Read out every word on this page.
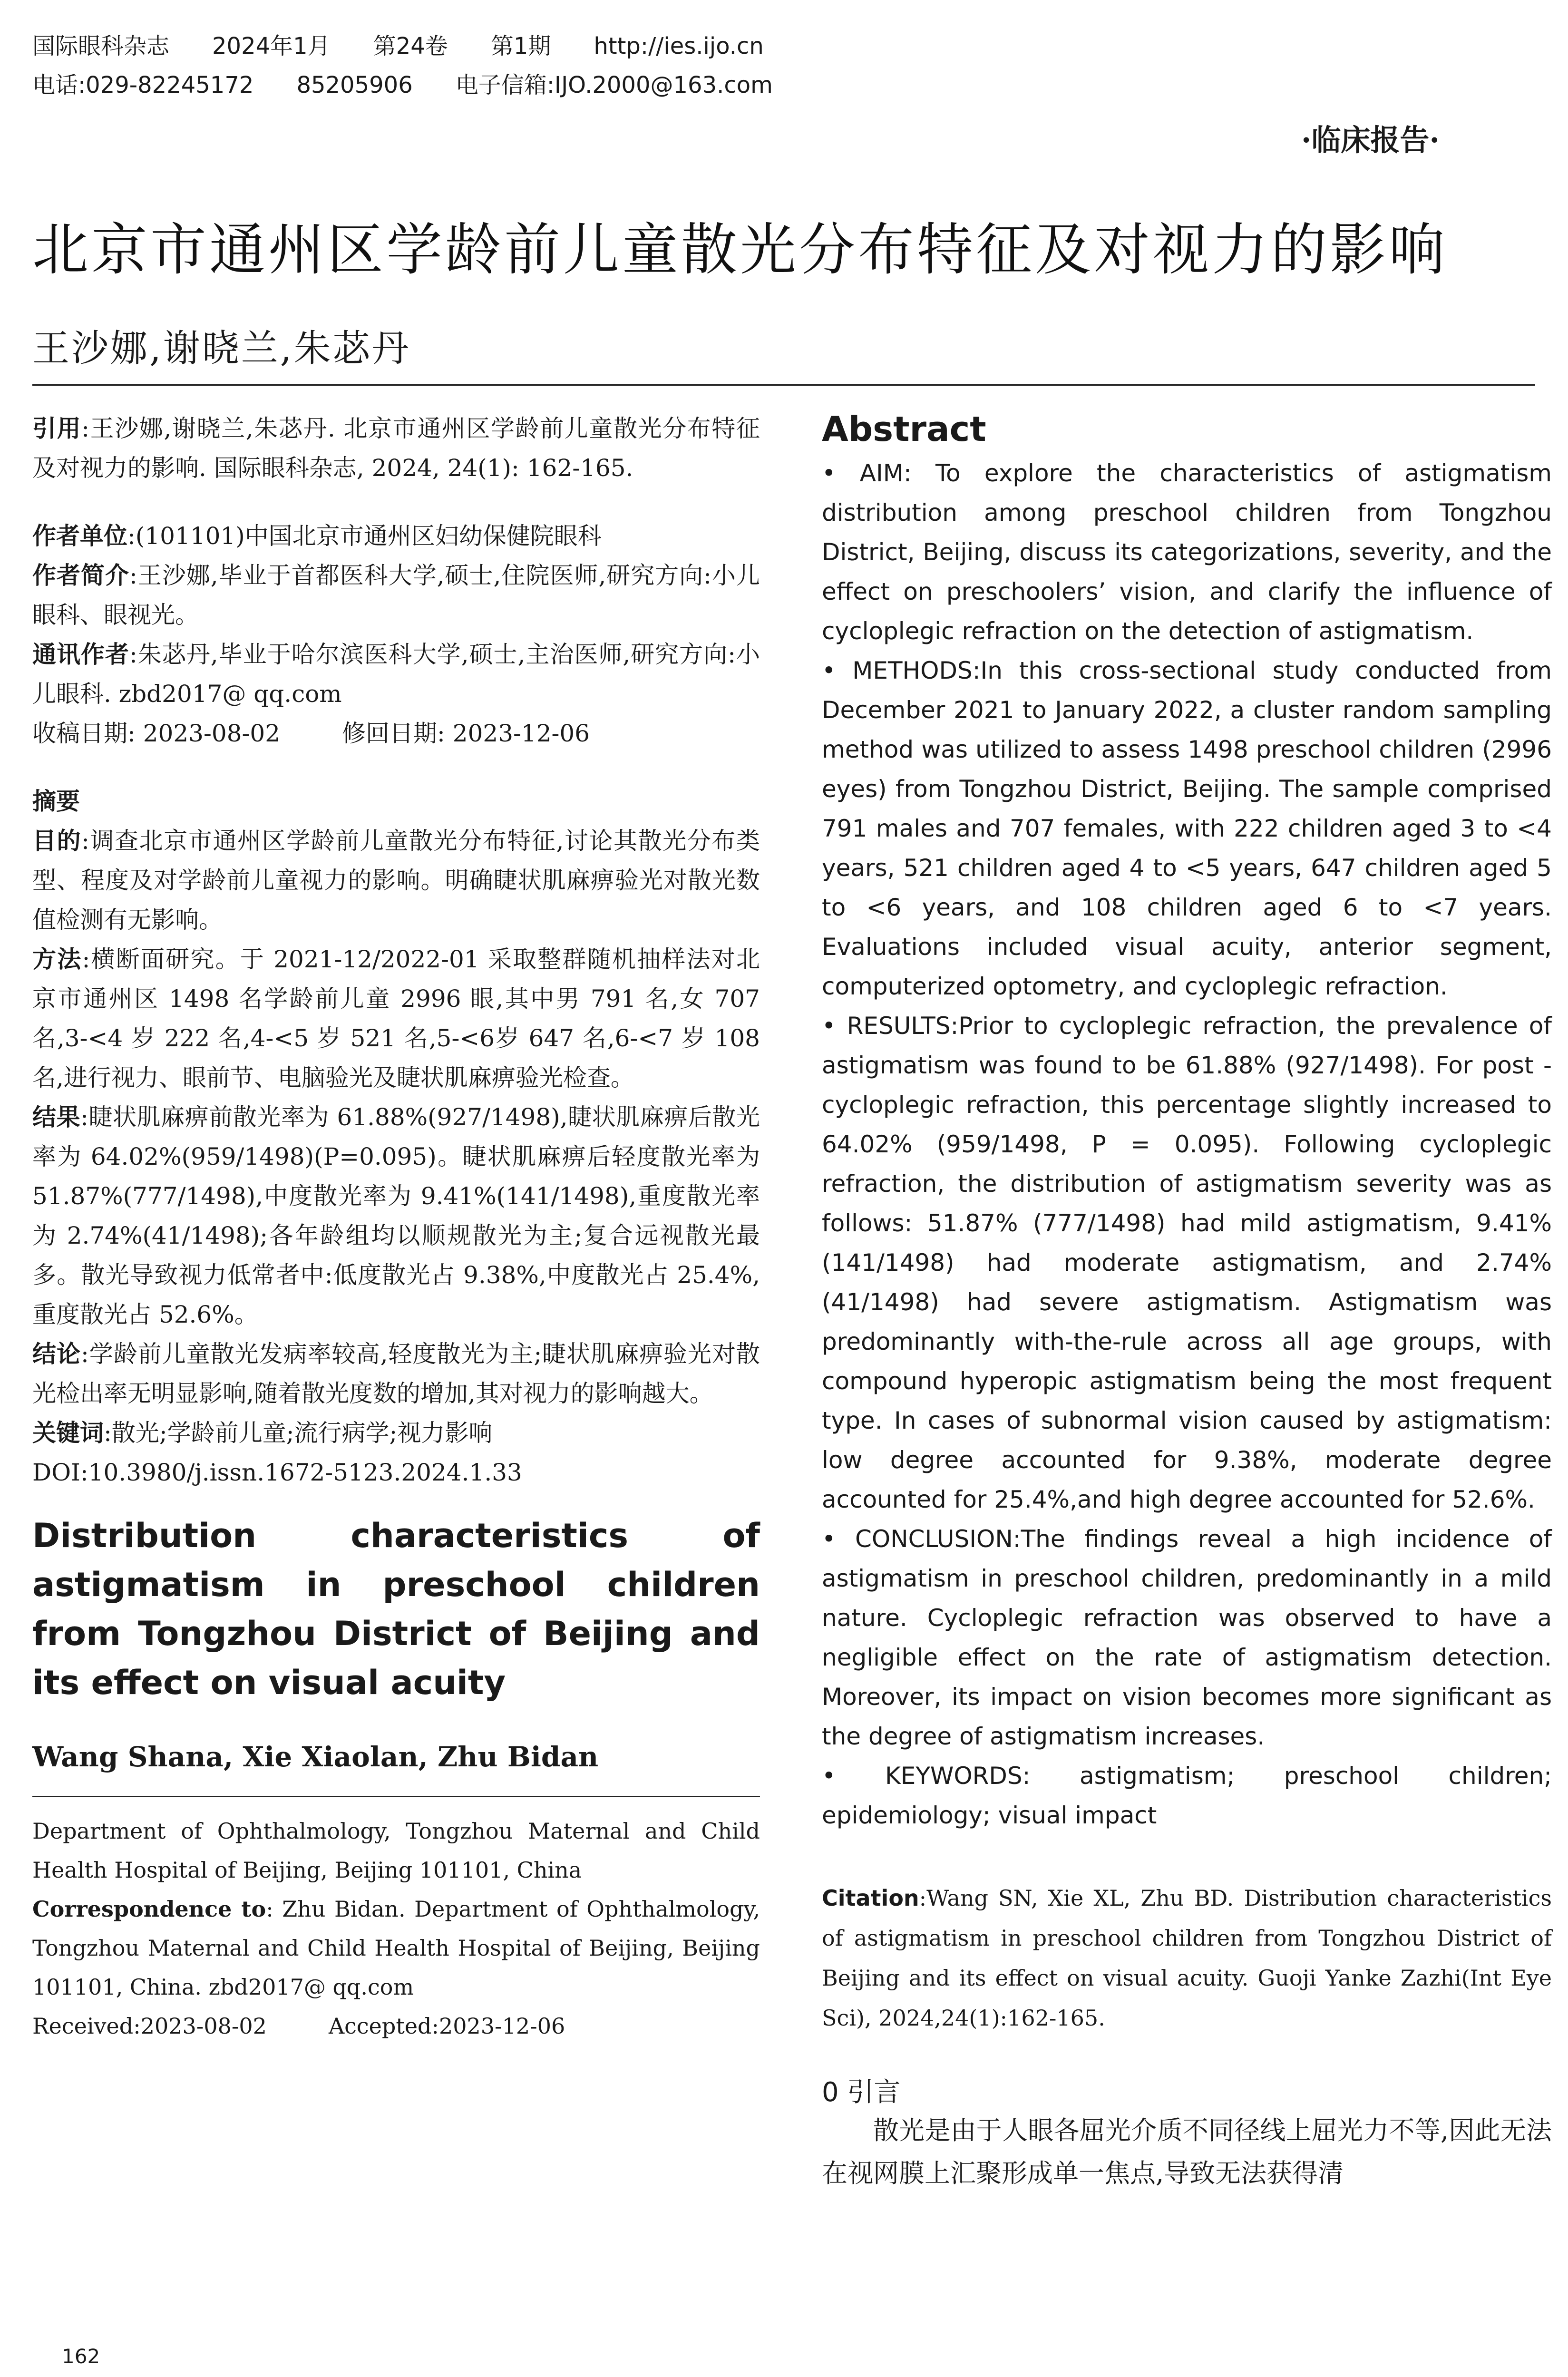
国际眼科杂志 2024年1月 第24卷 第1期 http://ies.ijo.cn
电话:029-82245172 85205906 电子信箱:IJO.2000@163.com
·临床报告·
北京市通州区学龄前儿童散光分布特征及对视力的影响
王沙娜,谢晓兰,朱苾丹

引用:王沙娜,谢晓兰,朱苾丹. 北京市通州区学龄前儿童散光分布特征及对视力的影响. 国际眼科杂志, 2024, 24(1): 162-165.

作者单位:(101101)中国北京市通州区妇幼保健院眼科

作者简介:王沙娜,毕业于首都医科大学,硕士,住院医师,研究方向:小儿眼科、眼视光。

通讯作者:朱苾丹,毕业于哈尔滨医科大学,硕士,主治医师,研究方向:小儿眼科. zbd2017@ qq.com

收稿日期: 2023-08-02	修回日期: 2023-12-06

摘要

目的:调查北京市通州区学龄前儿童散光分布特征,讨论其散光分布类型、程度及对学龄前儿童视力的影响。明确睫状肌麻痹验光对散光数值检测有无影响。

方法:横断面研究。于 2021-12/2022-01 采取整群随机抽样法对北京市通州区 1498 名学龄前儿童 2996 眼,其中男 791 名,女 707 名,3-<4 岁 222 名,4-<5 岁 521 名,5-<6岁 647 名,6-<7 岁 108 名,进行视力、眼前节、电脑验光及睫状肌麻痹验光检查。

结果:睫状肌麻痹前散光率为 61.88%(927/1498),睫状肌麻痹后散光率为 64.02%(959/1498)(P=0.095)。睫状肌麻痹后轻度散光率为 51.87%(777/1498),中度散光率为 9.41%(141/1498),重度散光率为 2.74%(41/1498);各年龄组均以顺规散光为主;复合远视散光最多。散光导致视力低常者中:低度散光占 9.38%,中度散光占 25.4%,重度散光占 52.6%。

结论:学龄前儿童散光发病率较高,轻度散光为主;睫状肌麻痹验光对散光检出率无明显影响,随着散光度数的增加,其对视力的影响越大。

关键词:散光;学龄前儿童;流行病学;视力影响

DOI:10.3980/j.issn.1672-5123.2024.1.33

Distribution characteristics of astigmatism in preschool children from Tongzhou District of Beijing and its effect on visual acuity
Wang Shana, Xie Xiaolan, Zhu Bidan

Department of Ophthalmology, Tongzhou Maternal and Child Health Hospital of Beijing, Beijing 101101, China

Correspondence to: Zhu Bidan. Department of Ophthalmology, Tongzhou Maternal and Child Health Hospital of Beijing, Beijing 101101, China. zbd2017@ qq.com

Received:2023-08-02	Accepted:2023-12-06

Abstract

• AIM: To explore the characteristics of astigmatism distribution among preschool children from Tongzhou District, Beijing, discuss its categorizations, severity, and the effect on preschoolers’ vision, and clarify the influence of cycloplegic refraction on the detection of astigmatism.

• METHODS:In this cross-sectional study conducted from December 2021 to January 2022, a cluster random sampling method was utilized to assess 1498 preschool children (2996 eyes) from Tongzhou District, Beijing. The sample comprised 791 males and 707 females, with 222 children aged 3 to <4 years, 521 children aged 4 to <5 years, 647 children aged 5 to <6 years, and 108 children aged 6 to <7 years. Evaluations included visual acuity, anterior segment, computerized optometry, and cycloplegic refraction.

• RESULTS:Prior to cycloplegic refraction, the prevalence of astigmatism was found to be 61.88% (927/1498). For post - cycloplegic refraction, this percentage slightly increased to 64.02% (959/1498, P = 0.095). Following cycloplegic refraction, the distribution of astigmatism severity was as follows: 51.87% (777/1498) had mild astigmatism, 9.41% (141/1498) had moderate astigmatism, and 2.74% (41/1498) had severe astigmatism. Astigmatism was predominantly with-the-rule across all age groups, with compound hyperopic astigmatism being the most frequent type. In cases of subnormal vision caused by astigmatism: low degree accounted for 9.38%, moderate degree accounted for 25.4%,and high degree accounted for 52.6%.

• CONCLUSION:The findings reveal a high incidence of astigmatism in preschool children, predominantly in a mild nature. Cycloplegic refraction was observed to have a negligible effect on the rate of astigmatism detection. Moreover, its impact on vision becomes more significant as the degree of astigmatism increases.

• KEYWORDS: astigmatism; preschool children; epidemiology; visual impact

Citation:Wang SN, Xie XL, Zhu BD. Distribution characteristics of astigmatism in preschool children from Tongzhou District of Beijing and its effect on visual acuity. Guoji Yanke Zazhi(Int Eye Sci), 2024,24(1):162-165.
0 引言

散光是由于人眼各屈光介质不同径线上屈光力不等,因此无法在视网膜上汇聚形成单一焦点,导致无法获得清

162
